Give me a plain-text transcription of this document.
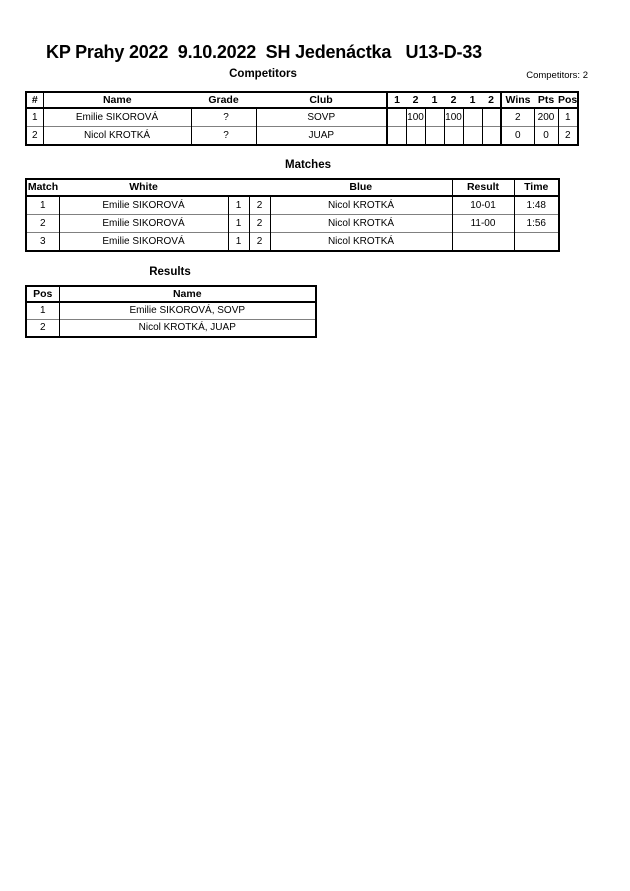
KP Prahy 2022  9.10.2022  SH Jedenáctka   U13-D-33
Competitors	Competitors: 2
#	Name	Grade	Club	1	2	1	2	1	2	Wins	Pts	Pos
1	Emilie SIKOROVÁ	?	SOVP		100		100			2	200	1
2	Nicol KROTKÁ	?	JUAP							0	0	2
Matches
Match	White			Blue	Result	Time
1	Emilie SIKOROVÁ	1	2	Nicol KROTKÁ	10-01	1:48
2	Emilie SIKOROVÁ	1	2	Nicol KROTKÁ	11-00	1:56
3	Emilie SIKOROVÁ	1	2	Nicol KROTKÁ		
Results
Pos	Name
1	Emilie SIKOROVÁ, SOVP
2	Nicol KROTKÁ, JUAP
